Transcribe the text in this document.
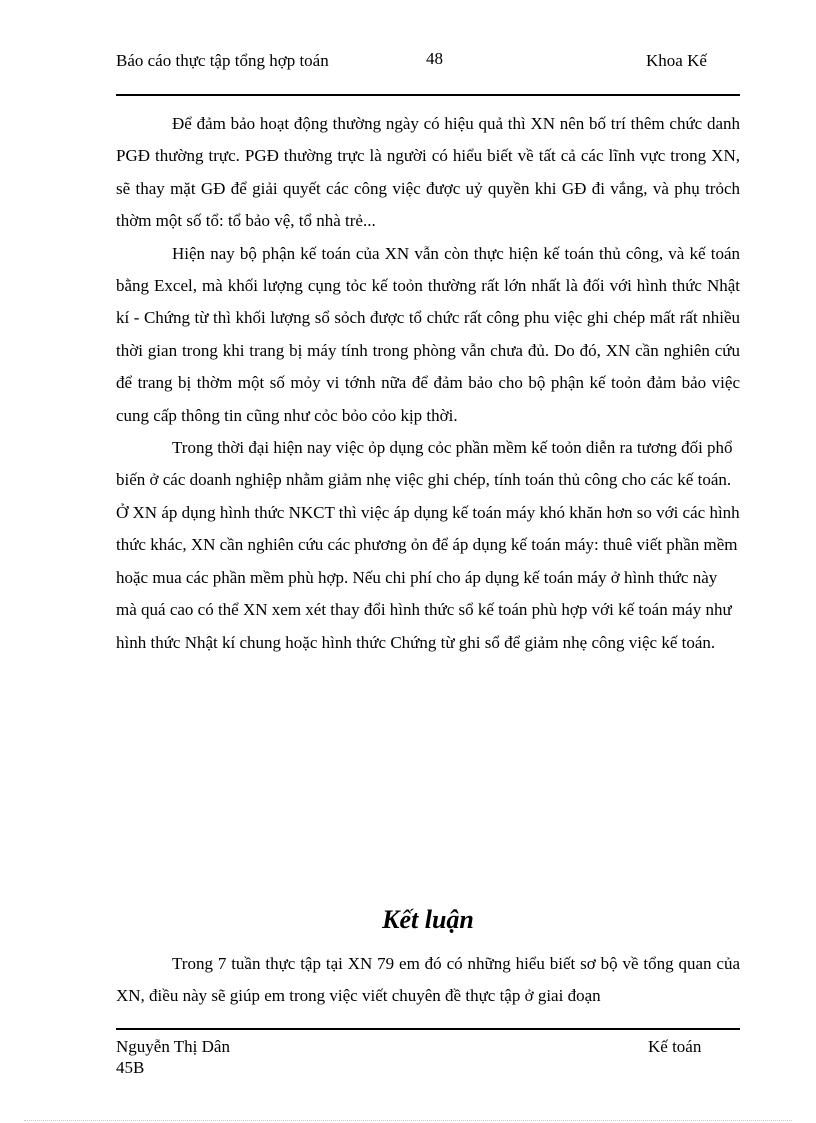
Báo cáo thực tập tổng hợp toán	48	Khoa Kế

Để đảm bảo hoạt động thường ngày có hiệu quả thì XN nên bố trí thêm chức danh PGĐ thường trực. PGĐ thường trực là người có hiểu biết về tất cả các lĩnh vực trong XN, sẽ thay mặt GĐ để giải quyết các công việc được uỷ quyền khi GĐ đi vắng, và phụ trỏch thờm một số tổ: tổ bảo vệ, tổ nhà trẻ...

Hiện nay bộ phận kế toán của XN vẫn còn thực hiện kế toán thủ công, và kế toán bằng Excel, mà khối lượng cụng tỏc kế toỏn thường rất lớn nhất là đối với hình thức Nhật kí - Chứng từ thì khối lượng sổ sỏch được tổ chức rất công phu việc ghi chép mất rất nhiều thời gian trong khi trang bị máy tính trong phòng vẫn chưa đủ. Do đó, XN cần nghiên cứu để trang bị thờm một số mỏy vi tớnh nữa để đảm bảo cho bộ phận kế toỏn đảm bảo việc cung cấp thông tin cũng như cỏc bỏo cỏo kịp thời.

Trong thời đại hiện nay việc ỏp dụng cỏc phần mềm kế toỏn diễn ra tương đối phổ biến ở các doanh nghiệp nhằm giảm nhẹ việc ghi chép, tính toán thủ công cho các kế toán. Ở XN áp dụng hình thức NKCT thì việc áp dụng kế toán máy khó khăn hơn so với các hình thức khác, XN cần nghiên cứu các phương ỏn để áp dụng kế toán máy: thuê viết phần mềm hoặc mua các phần mềm phù hợp. Nếu chi phí cho áp dụng kế toán máy ở hình thức này mà quá cao có thể XN xem xét thay đổi hình thức sổ kế toán phù hợp với kế toán máy như hình thức Nhật kí chung hoặc hình thức Chứng từ ghi sổ để giảm nhẹ công việc kế toán.

Kết luận

Trong 7 tuần thực tập tại XN 79 em đó có những hiểu biết sơ bộ về tổng quan của XN, điều này sẽ giúp em trong việc viết chuyên đề thực tập ở giai đoạn

Nguyễn Thị Dân 45B
Kế toán
